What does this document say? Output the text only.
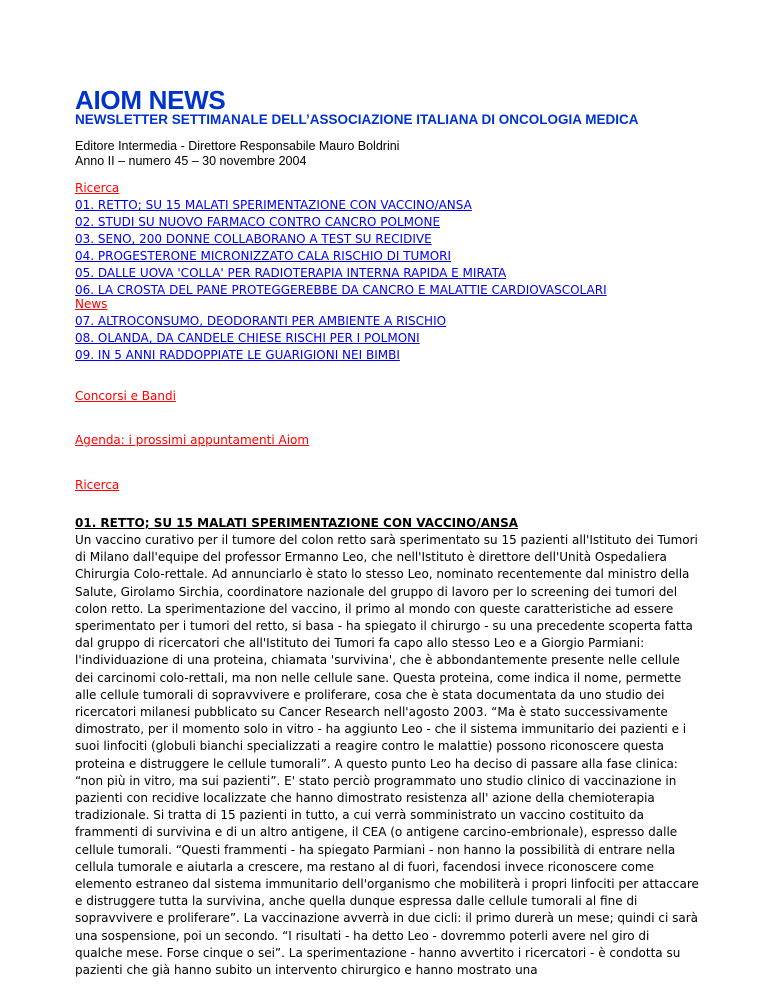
AIOM NEWS
NEWSLETTER SETTIMANALE DELL’ASSOCIAZIONE ITALIANA DI ONCOLOGIA MEDICA
Editore Intermedia - Direttore Responsabile Mauro Boldrini
Anno II – numero 45 – 30 novembre 2004
Ricerca
01. RETTO; SU 15 MALATI SPERIMENTAZIONE CON VACCINO/ANSA
02. STUDI SU NUOVO FARMACO CONTRO CANCRO POLMONE
03. SENO, 200 DONNE COLLABORANO A TEST SU RECIDIVE
04. PROGESTERONE MICRONIZZATO CALA RISCHIO DI TUMORI
05. DALLE UOVA 'COLLA' PER RADIOTERAPIA INTERNA RAPIDA E MIRATA
06. LA CROSTA DEL PANE PROTEGGEREBBE DA CANCRO E MALATTIE CARDIOVASCOLARI
News
07. ALTROCONSUMO, DEODORANTI PER AMBIENTE A RISCHIO
08. OLANDA, DA CANDELE CHIESE RISCHI PER I POLMONI
09. IN 5 ANNI RADDOPPIATE LE GUARIGIONI NEI BIMBI
Concorsi e Bandi
Agenda: i prossimi appuntamenti Aiom
Ricerca
01. RETTO; SU 15 MALATI SPERIMENTAZIONE CON VACCINO/ANSA

Un vaccino curativo per il tumore del colon retto sarà sperimentato su 15 pazienti all'Istituto dei Tumori di Milano dall'equipe del professor Ermanno Leo, che nell'Istituto è direttore dell'Unità Ospedaliera Chirurgia Colo-rettale. Ad annunciarlo è stato lo stesso Leo, nominato recentemente dal ministro della Salute, Girolamo Sirchia, coordinatore nazionale del gruppo di lavoro per lo screening dei tumori del colon retto. La sperimentazione del vaccino, il primo al mondo con queste caratteristiche ad essere sperimentato per i tumori del retto, si basa - ha spiegato il chirurgo - su una precedente scoperta fatta dal gruppo di ricercatori che all'Istituto dei Tumori fa capo allo stesso Leo e a Giorgio Parmiani: l'individuazione di una proteina, chiamata 'survivina', che è abbondantemente presente nelle cellule dei carcinomi colo-rettali, ma non nelle cellule sane. Questa proteina, come indica il nome, permette alle cellule tumorali di sopravvivere e proliferare, cosa che è stata documentata da uno studio dei ricercatori milanesi pubblicato su Cancer Research nell'agosto 2003. “Ma è stato successivamente dimostrato, per il momento solo in vitro - ha aggiunto Leo - che il sistema immunitario dei pazienti e i suoi linfociti (globuli bianchi specializzati a reagire contro le malattie) possono riconoscere questa proteina e distruggere le cellule tumorali”. A questo punto Leo ha deciso di passare alla fase clinica: “non più in vitro, ma sui pazienti”. E' stato perciò programmato uno studio clinico di vaccinazione in pazienti con recidive localizzate che hanno dimostrato resistenza all' azione della chemioterapia tradizionale. Si tratta di 15 pazienti in tutto, a cui verrà somministrato un vaccino costituito da frammenti di survivina e di un altro antigene, il CEA (o antigene carcino-embrionale), espresso dalle cellule tumorali. “Questi frammenti - ha spiegato Parmiani - non hanno la possibilità di entrare nella cellula tumorale e aiutarla a crescere, ma restano al di fuori, facendosi invece riconoscere come elemento estraneo dal sistema immunitario dell'organismo che mobiliterà i propri linfociti per attaccare e distruggere tutta la survivina, anche quella dunque espressa dalle cellule tumorali al fine di sopravvivere e proliferare”. La vaccinazione avverrà in due cicli: il primo durerà un mese; quindi ci sarà una sospensione, poi un secondo. “I risultati - ha detto Leo - dovremmo poterli avere nel giro di qualche mese. Forse cinque o sei”. La sperimentazione - hanno avvertito i ricercatori - è condotta su pazienti che già hanno subito un intervento chirurgico e hanno mostrato una
